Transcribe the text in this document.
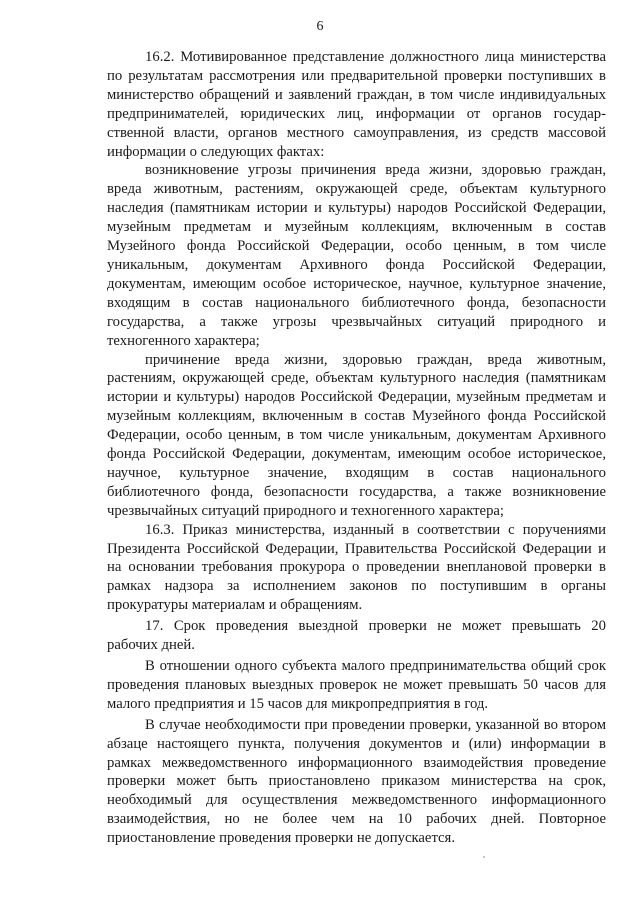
6

16.2. Мотивированное представление должностного лица министерства по результатам рассмотрения или предварительной проверки поступивших в министерство обращений и заявлений граждан, в том числе индивидуальных предпринимателей, юридических лиц, информации от органов государственной власти, органов местного самоуправления, из средств массовой информации о следующих фактах:

возникновение угрозы причинения вреда жизни, здоровью граждан, вреда животным, растениям, окружающей среде, объектам культурного наследия (памятникам истории и культуры) народов Российской Федерации, музейным предметам и музейным коллекциям, включенным в состав Музейного фонда Российской Федерации, особо ценным, в том числе уникальным, документам Архивного фонда Российской Федерации, документам, имеющим особое историческое, научное, культурное значение, входящим в состав национального библиотечного фонда, безопасности государства, а также угрозы чрезвычайных ситуаций природного и техногенного характера;

причинение вреда жизни, здоровью граждан, вреда животным, растениям, окружающей среде, объектам культурного наследия (памятникам истории и культуры) народов Российской Федерации, музейным предметам и музейным коллекциям, включенным в состав Музейного фонда Российской Федерации, особо ценным, в том числе уникальным, документам Архивного фонда Российской Федерации, документам, имеющим особое историческое, научное, культурное значение, входящим в состав национального библиотечного фонда, безопасности государства, а также возникновение чрезвычайных ситуаций природного и техногенного характера;

16.3. Приказ министерства, изданный в соответствии с поручениями Президента Российской Федерации, Правительства Российской Федерации и на основании требования прокурора о проведении внеплановой проверки в рамках надзора за исполнением законов по поступившим в органы прокуратуры материалам и обращениям.

17. Срок проведения выездной проверки не может превышать 20 рабочих дней.

В отношении одного субъекта малого предпринимательства общий срок проведения плановых выездных проверок не может превышать 50 часов для малого предприятия и 15 часов для микропредприятия в год.

В случае необходимости при проведении проверки, указанной во втором абзаце настоящего пункта, получения документов и (или) информации в рамках межведомственного информационного взаимодействия проведение проверки может быть приостановлено приказом министерства на срок, необходимый для осуществления межведомственного информационного взаимодействия, но не более чем на 10 рабочих дней. Повторное приостановление проведения проверки не допускается.
